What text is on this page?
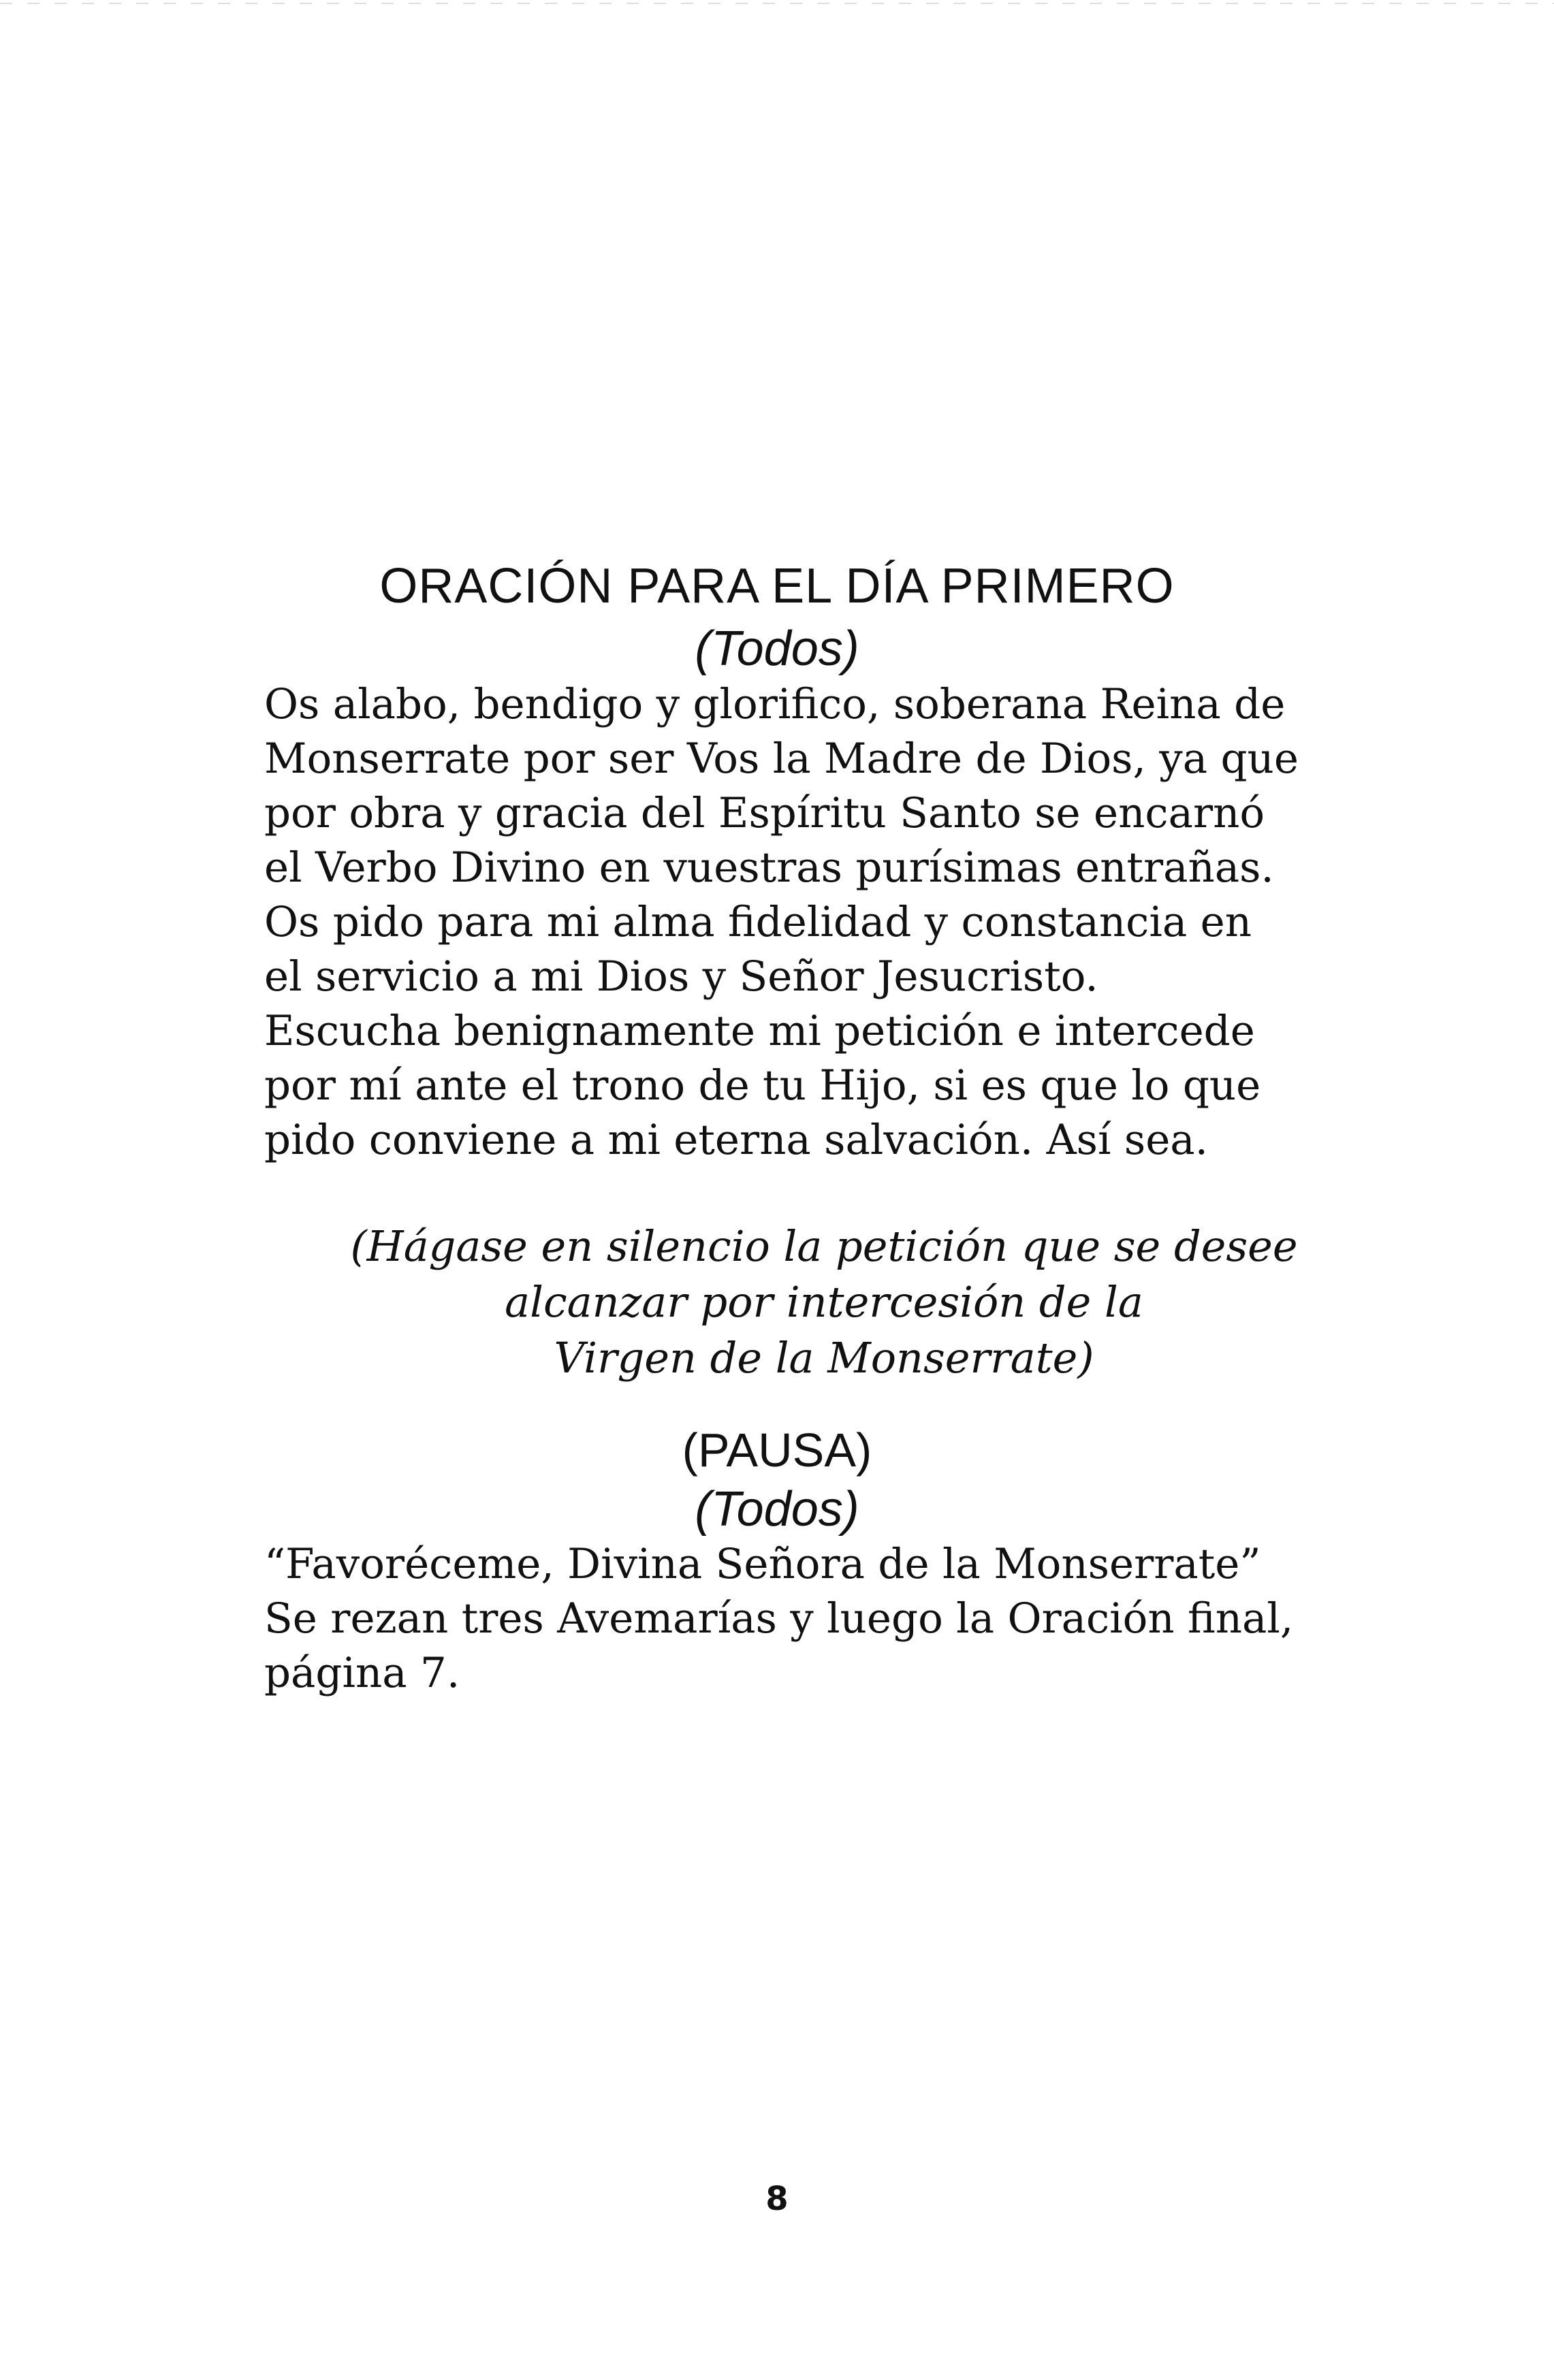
ORACIÓN PARA EL DÍA PRIMERO
(Todos)
Os alabo, bendigo y glorifico, soberana Reina de
Monserrate por ser Vos la Madre de Dios, ya que
por obra y gracia del Espíritu Santo se encarnó
el Verbo Divino en vuestras purísimas entrañas.
Os pido para mi alma fidelidad y constancia en
el servicio a mi Dios y Señor Jesucristo.
Escucha benignamente mi petición e intercede
por mí ante el trono de tu Hijo, si es que lo que
pido conviene a mi eterna salvación. Así sea.
(Hágase en silencio la petición que se desee
alcanzar por intercesión de la
Virgen de la Monserrate)
(PAUSA)
(Todos)
“Favoréceme, Divina Señora de la Monserrate”
Se rezan tres Avemarías y luego la Oración final,
página 7.
8
